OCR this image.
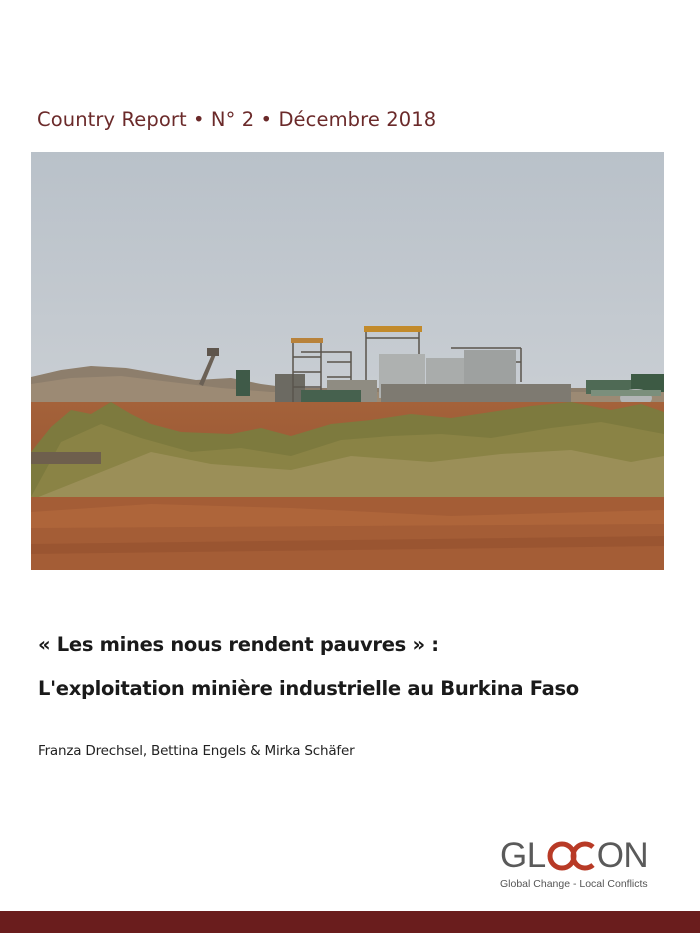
Country Report • N° 2 • Décembre 2018
« Les mines nous rendent pauvres » :
L'exploitation minière industrielle au Burkina Faso
Franza Drechsel, Bettina Engels & Mirka Schäfer
GL ON
Global Change - Local Conflicts
